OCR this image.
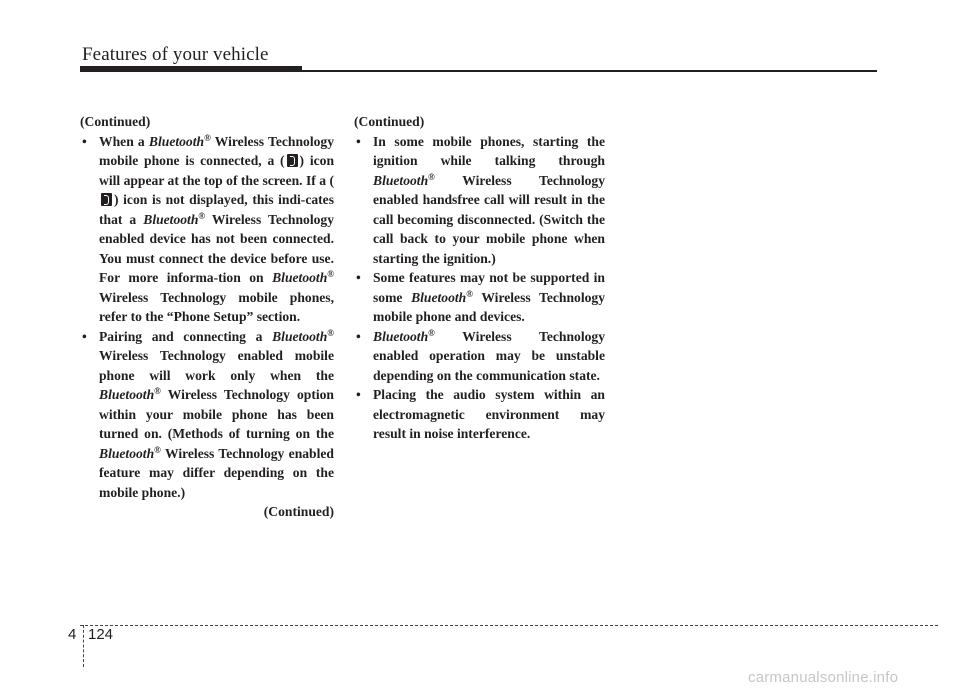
Features of your vehicle
(Continued)
• When a Bluetooth® Wireless Technology mobile phone is connected, a ( ) icon will appear at the top of the screen. If a () icon is not displayed, this indi-cates that a Bluetooth® Wireless Technology enabled device has not been connected. You must connect the device before use. For more informa-tion on Bluetooth® Wireless Technology mobile phones, refer to the “Phone Setup” section.
• Pairing and connecting a Bluetooth® Wireless Technology enabled mobile phone will work only when the Bluetooth® Wireless Technology option within your mobile phone has been turned on. (Methods of turning on the Bluetooth® Wireless Technology enabled feature may differ depending on the mobile phone.)
(Continued)
(Continued)
• In some mobile phones, starting the ignition while talking through Bluetooth® Wireless Technology enabled handsfree call will result in the call becoming disconnected. (Switch the call back to your mobile phone when starting the ignition.)
• Some features may not be supported in some Bluetooth® Wireless Technology mobile phone and devices.
• Bluetooth® Wireless Technology enabled operation may be unstable depending on the communication state.
• Placing the audio system within an electromagnetic environment may result in noise interference.
4 124
carmanualsonline.info
